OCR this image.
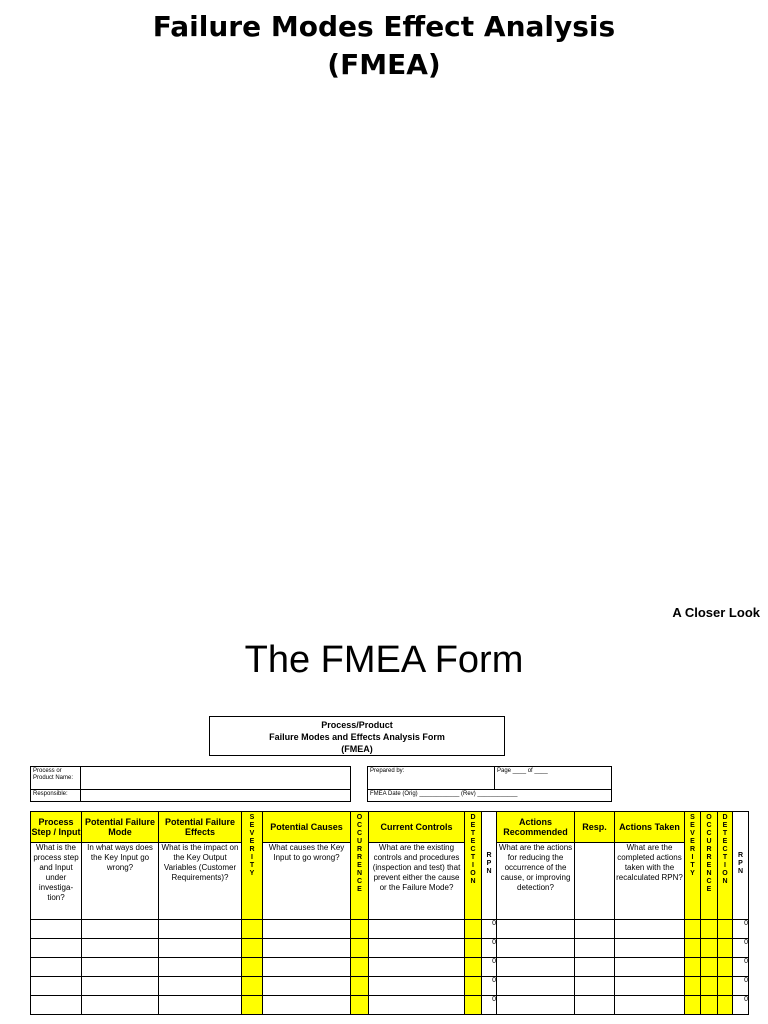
Failure Modes Effect Analysis
(FMEA)
A Closer Look
The FMEA Form
Process/Product
Failure Modes and Effects Analysis Form
(FMEA)
Process or Product Name:
Responsible:
Prepared by:	Page ____ of ____
FMEA Date (Orig) ____________ (Rev) ____________
Process Step / Input	Potential Failure Mode	Potential Failure Effects	SEVERITY	Potential Causes	OCCURRENCE	Current Controls	DETECTION	RPN	Actions Recommended	Resp.	Actions Taken	SEVERITY	OCCURRENCE	DETECTION	RPN

What is the process step and Input under investiga-tion?	In what ways does the Key Input go wrong?	What is the impact on the Key Output Variables (Customer Requirements)?		What causes the Key Input to go wrong?		What are the existing controls and procedures (inspection and test) that prevent either the cause or the Failure Mode?			What are the actions for reducing the occurrence of the cause, or improving detection?		What are the completed actions taken with the recalculated RPN?				
								0							0
								0							0
								0							0
								0							0
								0							0
